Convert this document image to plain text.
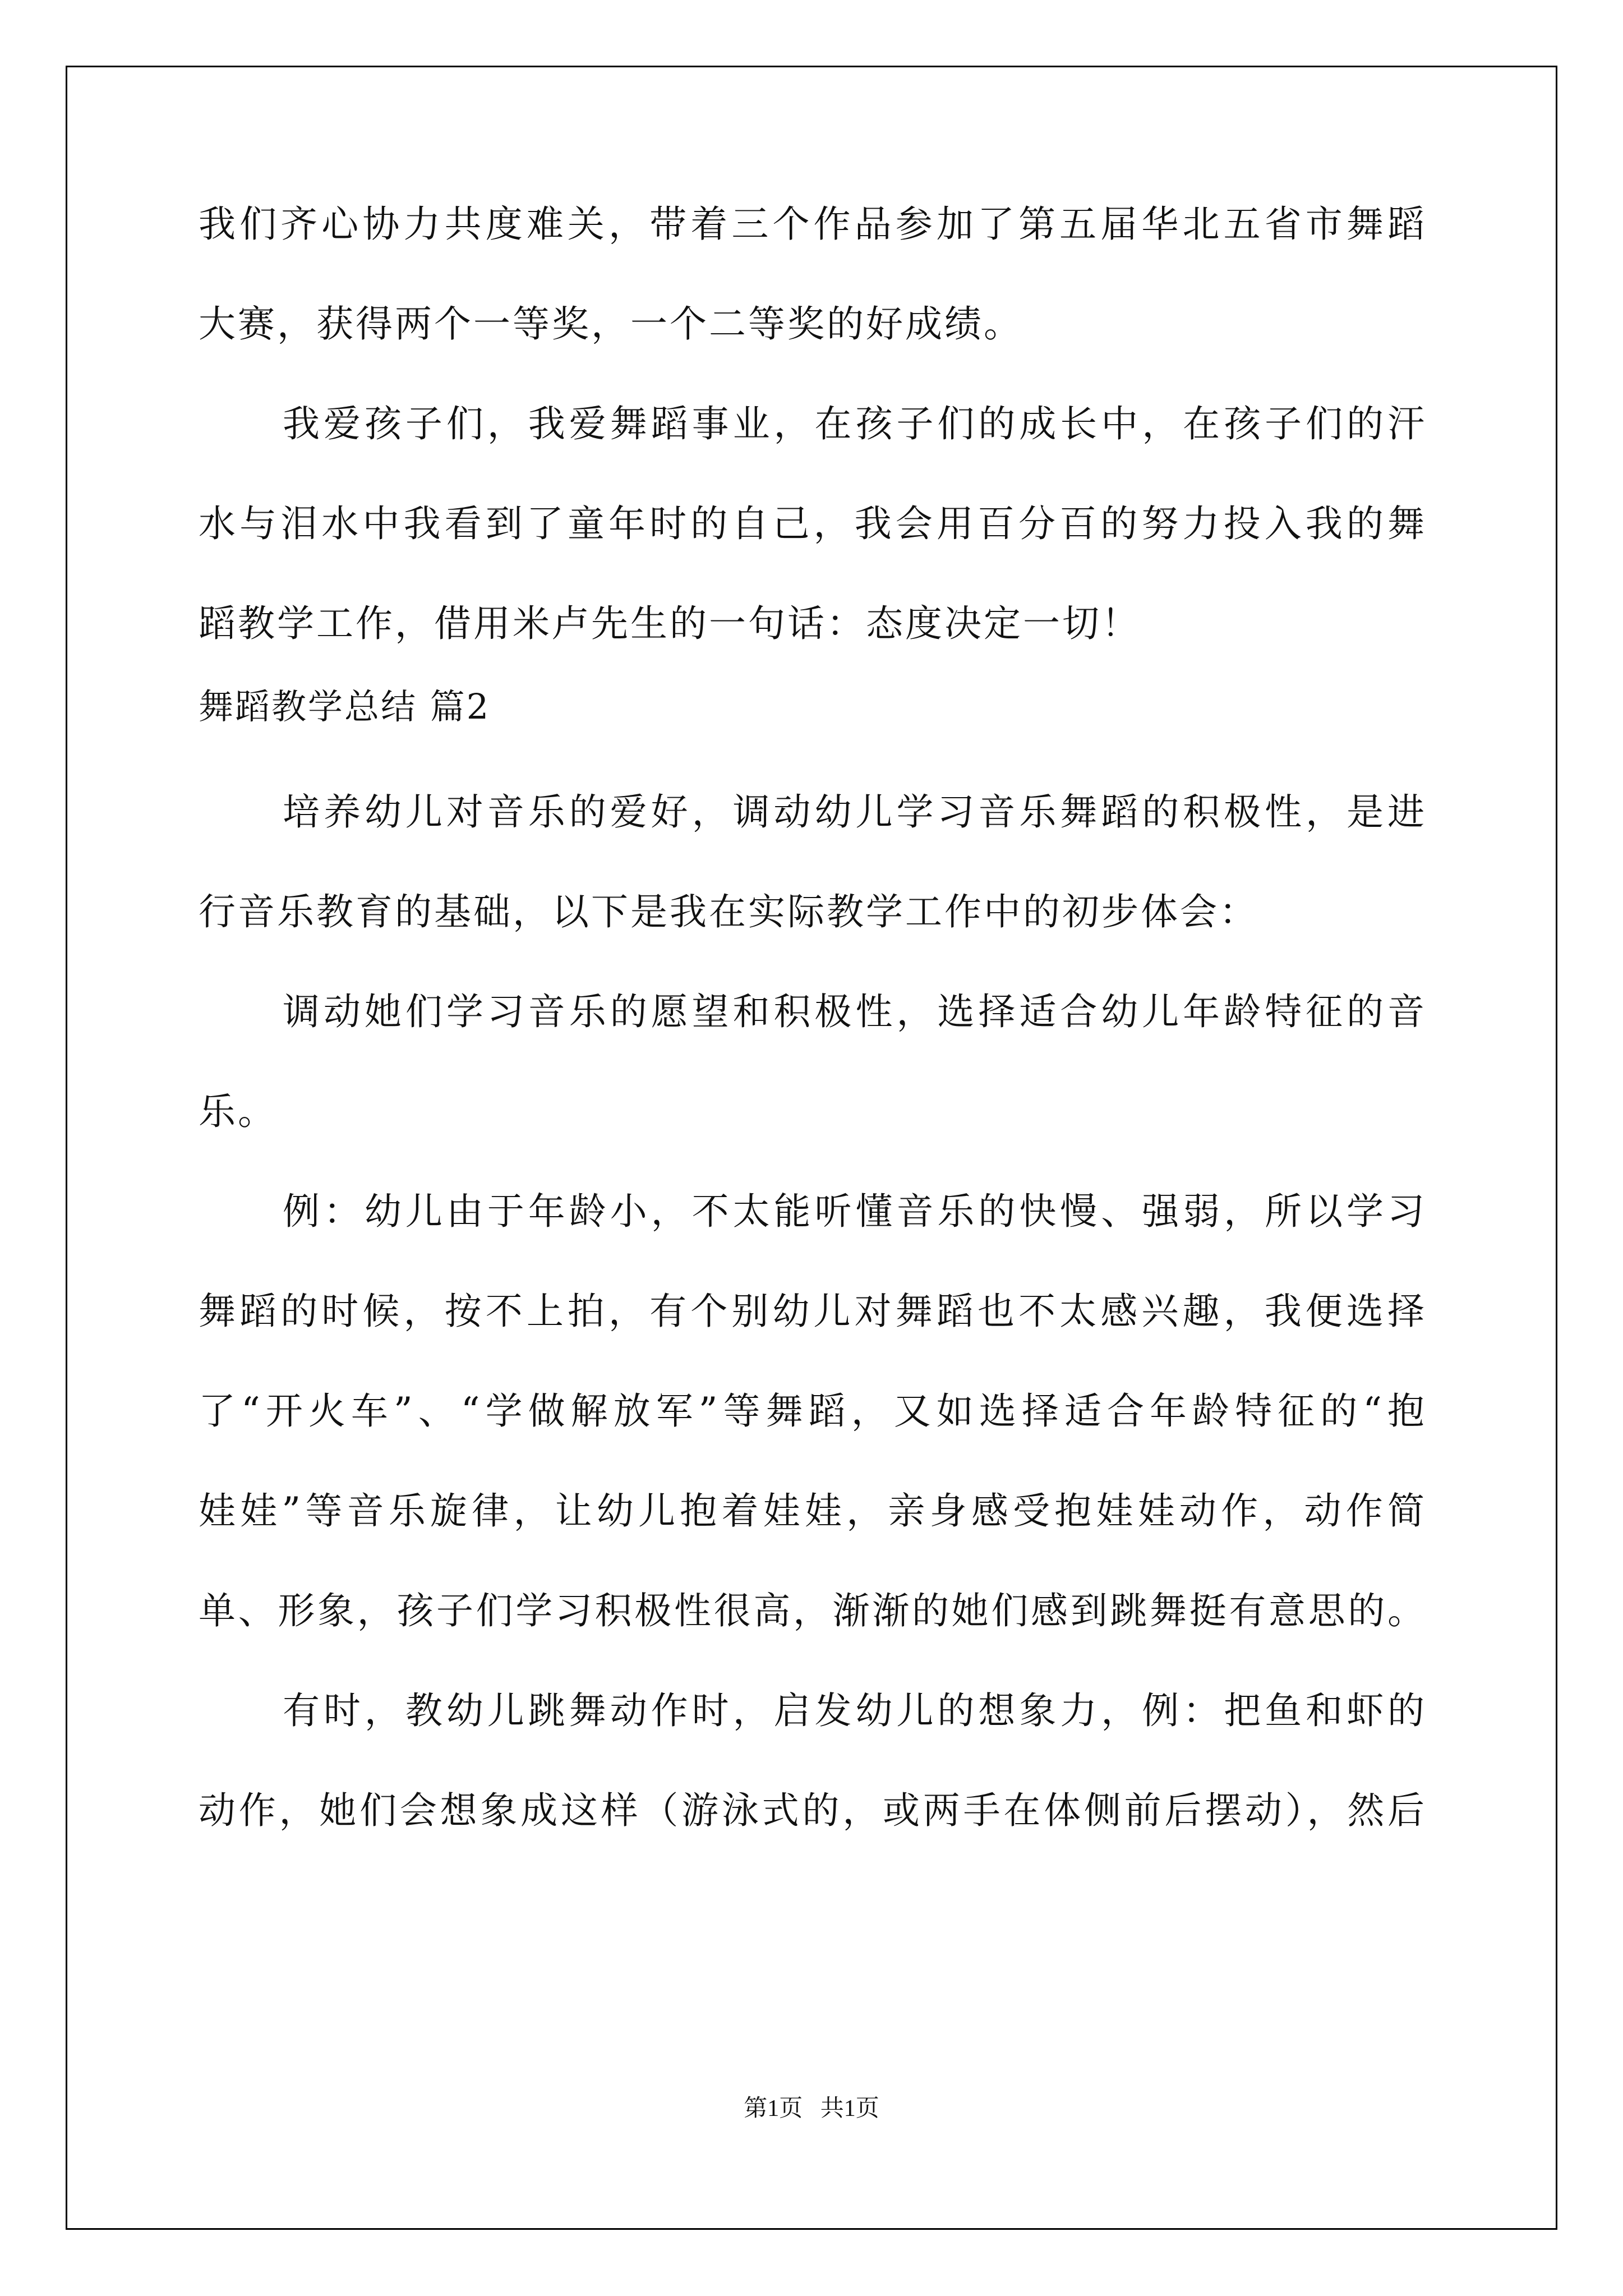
我们齐心协力共度难关，带着三个作品参加了第五届华北五省市舞蹈
大赛，获得两个一等奖，一个二等奖的好成绩。
我爱孩子们，我爱舞蹈事业，在孩子们的成长中，在孩子们的汗
水与泪水中我看到了童年时的自己，我会用百分百的努力投入我的舞
蹈教学工作，借用米卢先生的一句话：态度决定一切！
舞蹈教学总结 篇2
培养幼儿对音乐的爱好，调动幼儿学习音乐舞蹈的积极性，是进
行音乐教育的基础，以下是我在实际教学工作中的初步体会：
调动她们学习音乐的愿望和积极性，选择适合幼儿年龄特征的音
乐。
例：幼儿由于年龄小，不太能听懂音乐的快慢、强弱，所以学习
舞蹈的时候，按不上拍，有个别幼儿对舞蹈也不太感兴趣，我便选择
了“开火车”、“学做解放军”等舞蹈，又如选择适合年龄特征的“抱
娃娃”等音乐旋律，让幼儿抱着娃娃，亲身感受抱娃娃动作，动作简
单、形象，孩子们学习积极性很高，渐渐的她们感到跳舞挺有意思的。
有时，教幼儿跳舞动作时，启发幼儿的想象力，例：把鱼和虾的
动作，她们会想象成这样（游泳式的，或两手在体侧前后摆动），然后
第1页   共1页
